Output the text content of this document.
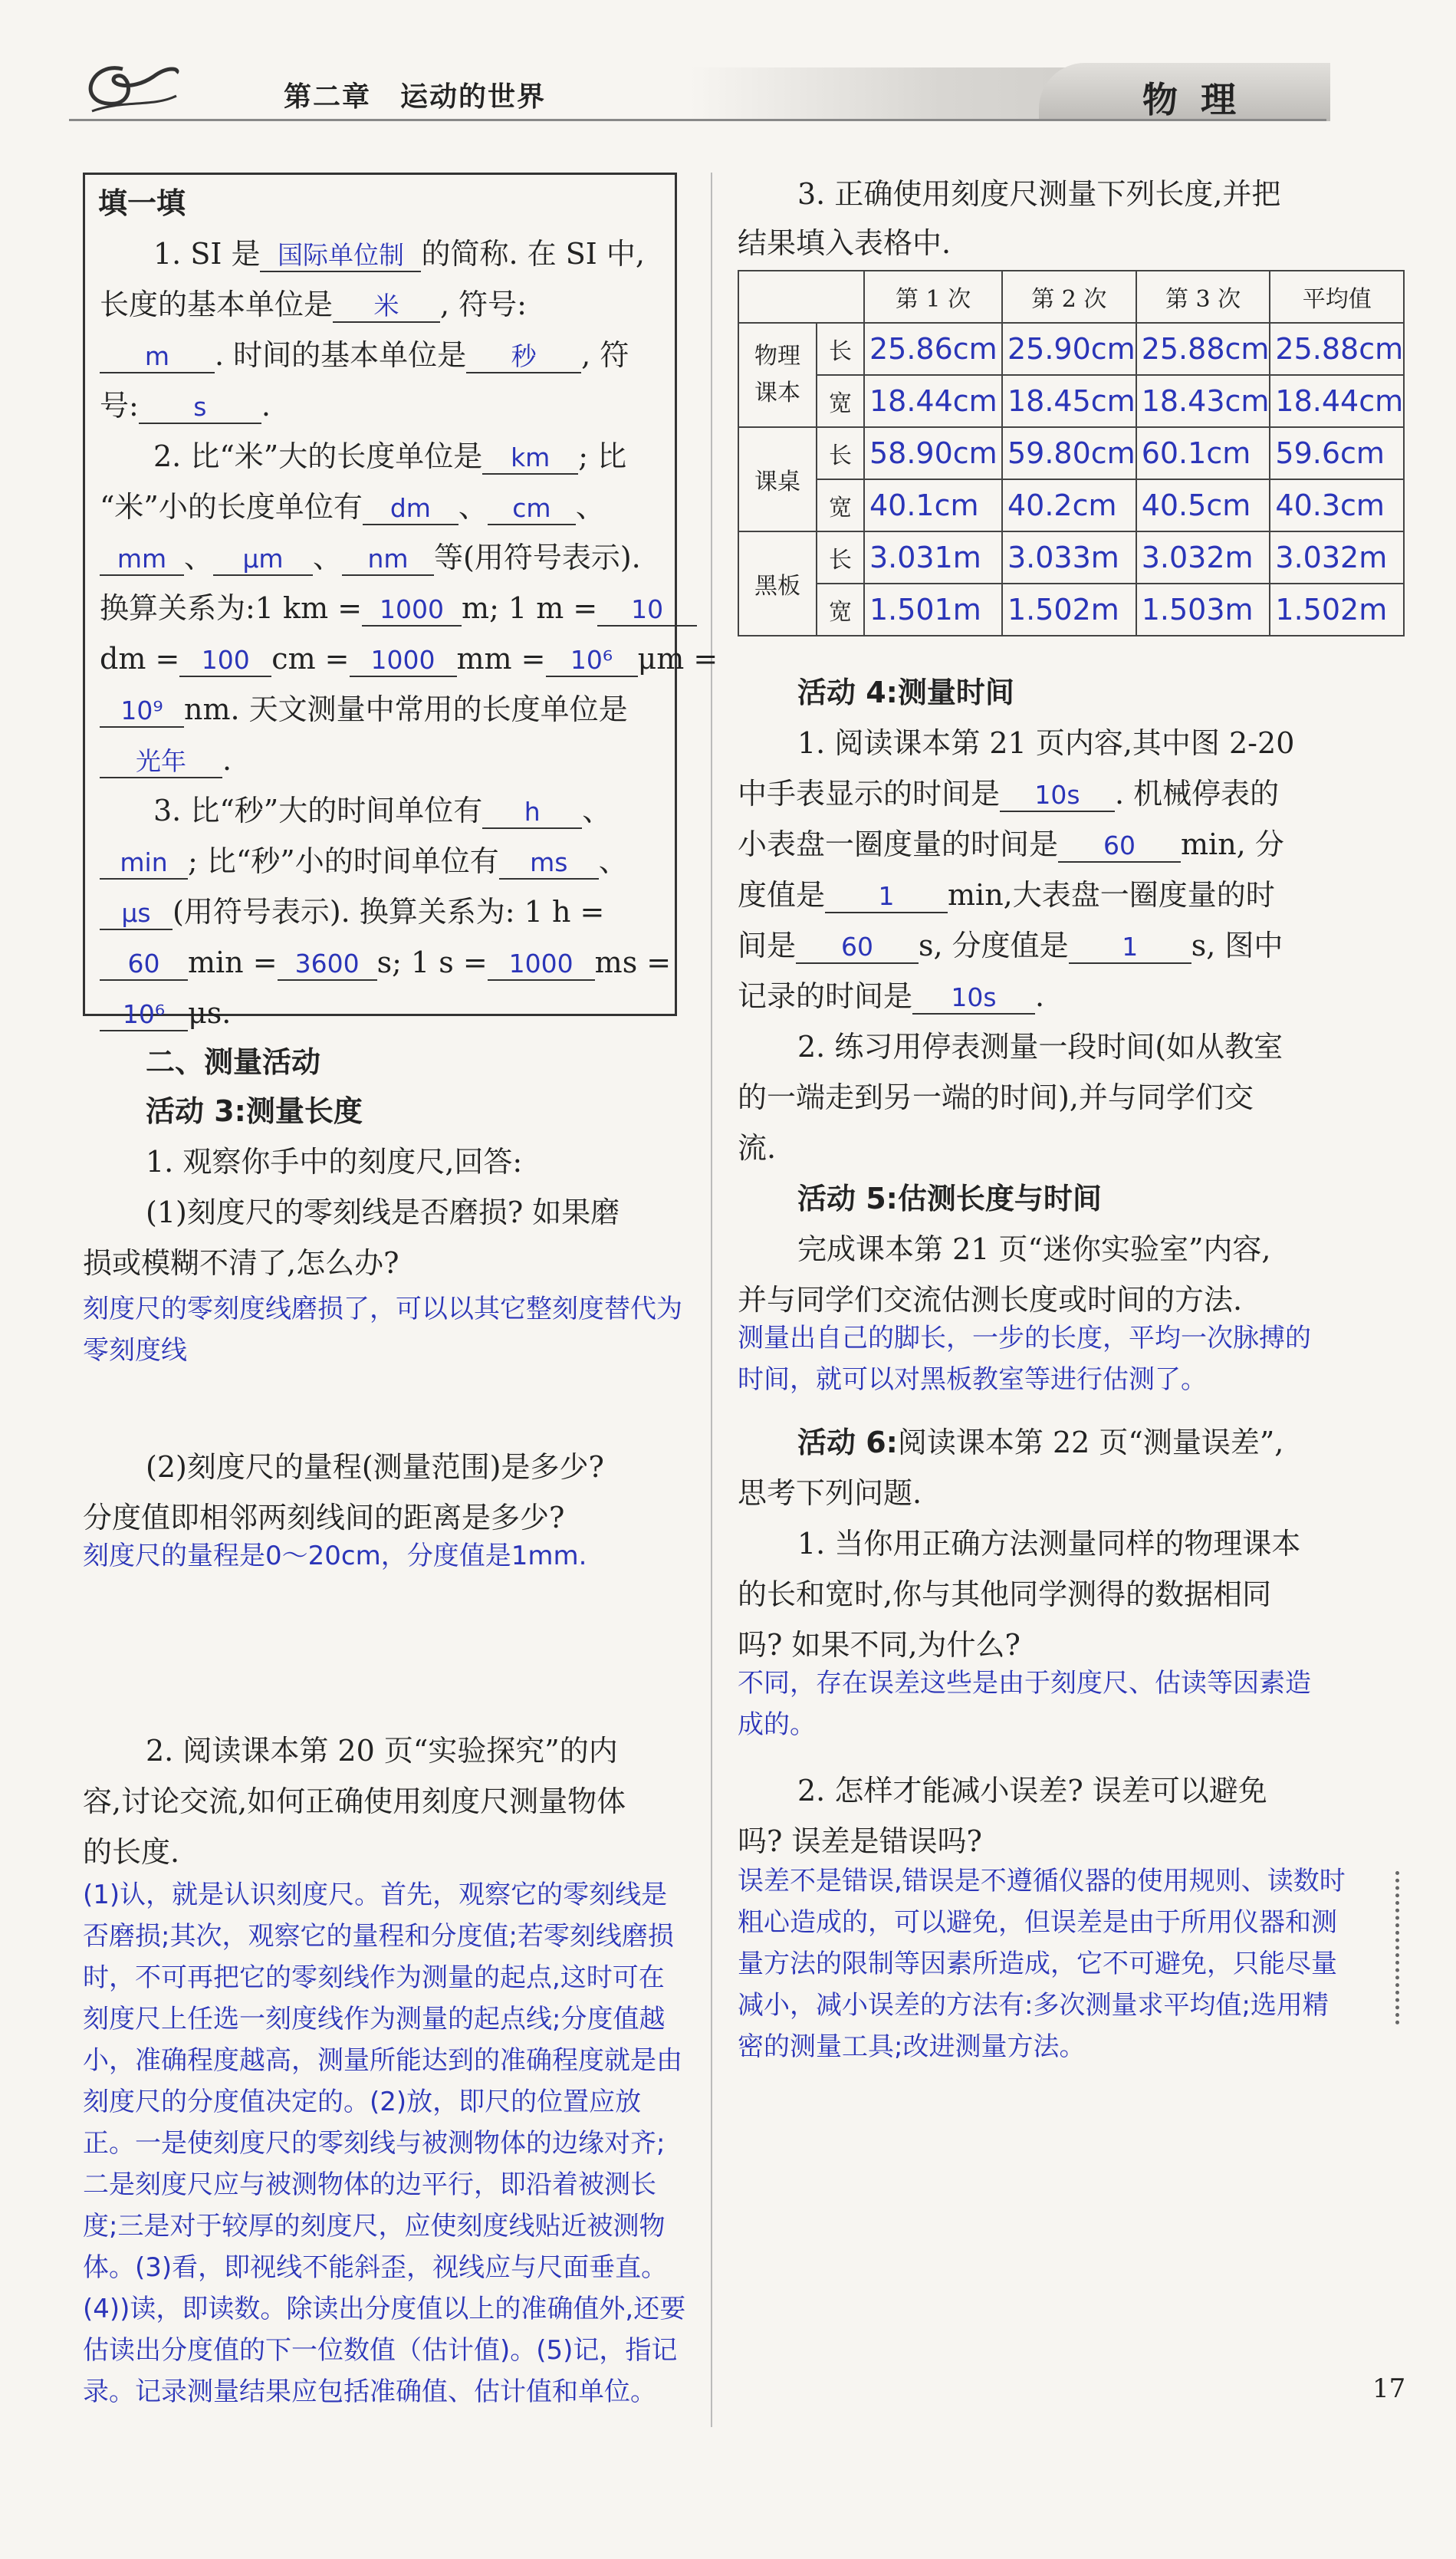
第二章　运动的世界	物理
填一填
1. SI 是 国际单位制 的简称. 在 SI 中,
长度的基本单位是 米 , 符号:
m . 时间的基本单位是 秒 , 符
号: s .
2. 比“米”大的长度单位是 km ; 比
“米”小的长度单位有 dm 、 cm 、
mm 、 μm 、 nm 等(用符号表示).
换算关系为:1 km = 1000 m; 1 m = 10
dm = 100 cm = 1000 mm = 10⁶ μm =
10⁹ nm. 天文测量中常用的长度单位是
光年 .
3. 比“秒”大的时间单位有 h 、
min ; 比“秒”小的时间单位有 ms 、
μs (用符号表示). 换算关系为: 1 h =
60 min = 3600 s; 1 s = 1000 ms =
10⁶ μs.
二、测量活动
活动 3:测量长度
1. 观察你手中的刻度尺,回答:
(1)刻度尺的零刻线是否磨损? 如果磨
损或模糊不清了,怎么办?
刻度尺的零刻度线磨损了，可以以其它整刻度替代为零刻度线
(2)刻度尺的量程(测量范围)是多少?
分度值即相邻两刻线间的距离是多少?
刻度尺的量程是0～20cm，分度值是1mm.
2. 阅读课本第 20 页“实验探究”的内
容,讨论交流,如何正确使用刻度尺测量物体
的长度.
(1)认，就是认识刻度尺。首先，观察它的零刻线是否磨损;其次，观察它的量程和分度值;若零刻线磨损时，不可再把它的零刻线作为测量的起点,这时可在刻度尺上任选一刻度线作为测量的起点线;分度值越小，准确程度越高，测量所能达到的准确程度就是由刻度尺的分度值决定的。(2)放，即尺的位置应放正。一是使刻度尺的零刻线与被测物体的边缘对齐;二是刻度尺应与被测物体的边平行，即沿着被测长度;三是对于较厚的刻度尺，应使刻度线贴近被测物体。(3)看，即视线不能斜歪，视线应与尺面垂直。(4))读，即读数。除读出分度值以上的准确值外,还要估读出分度值的下一位数值（估计值)。(5)记，指记录。记录测量结果应包括准确值、估计值和单位。
3. 正确使用刻度尺测量下列长度,并把
结果填入表格中.
		第 1 次	第 2 次	第 3 次	平均值
物理
课本	长	25.86cm	25.90cm	25.88cm	25.88cm
	宽	18.44cm	18.45cm	18.43cm	18.44cm
课桌	长	58.90cm	59.80cm	60.1cm	59.6cm
	宽	40.1cm	40.2cm	40.5cm	40.3cm
黑板	长	3.031m	3.033m	3.032m	3.032m
	宽	1.501m	1.502m	1.503m	1.502m
活动 4:测量时间
1. 阅读课本第 21 页内容,其中图 2-20
中手表显示的时间是 10s . 机械停表的
小表盘一圈度量的时间是 60 min, 分
度值是 1 min,大表盘一圈度量的时
间是 60 s, 分度值是 1 s, 图中
记录的时间是 10s .
2. 练习用停表测量一段时间(如从教室
的一端走到另一端的时间),并与同学们交
流.
活动 5:估测长度与时间
完成课本第 21 页“迷你实验室”内容,
并与同学们交流估测长度或时间的方法.
测量出自己的脚长，一步的长度，平均一次脉搏的时间，就可以对黑板教室等进行估测了。
活动 6:阅读课本第 22 页“测量误差”,
思考下列问题.
1. 当你用正确方法测量同样的物理课本
的长和宽时,你与其他同学测得的数据相同
吗? 如果不同,为什么?
不同，存在误差这些是由于刻度尺、估读等因素造成的。
2. 怎样才能减小误差? 误差可以避免
吗? 误差是错误吗?
误差不是错误,错误是不遵循仪器的使用规则、读数时粗心造成的，可以避免，但误差是由于所用仪器和测量方法的限制等因素所造成，它不可避免，只能尽量减小，减小误差的方法有:多次测量求平均值;选用精密的测量工具;改进测量方法。
17
